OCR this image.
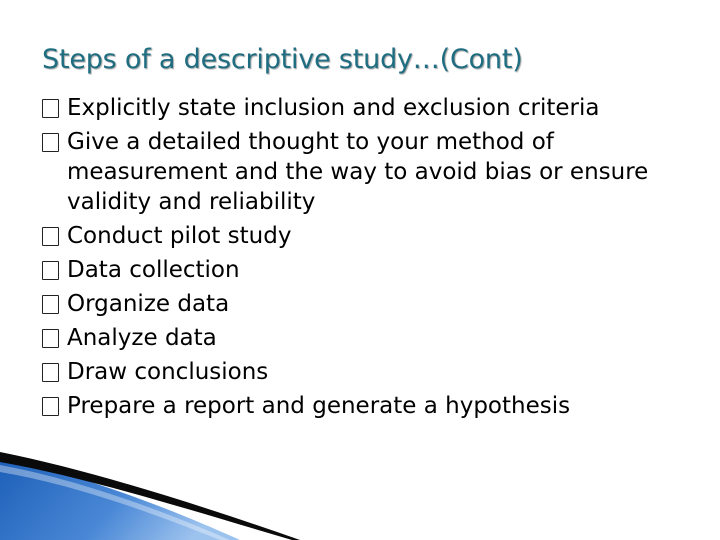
Steps of a descriptive study…(Cont)
Explicitly state inclusion and exclusion criteria
Give a detailed thought to your method of measurement and the way to avoid bias or ensure validity and reliability
Conduct pilot study
Data collection
Organize data
Analyze data
Draw conclusions
Prepare a report and generate a hypothesis
